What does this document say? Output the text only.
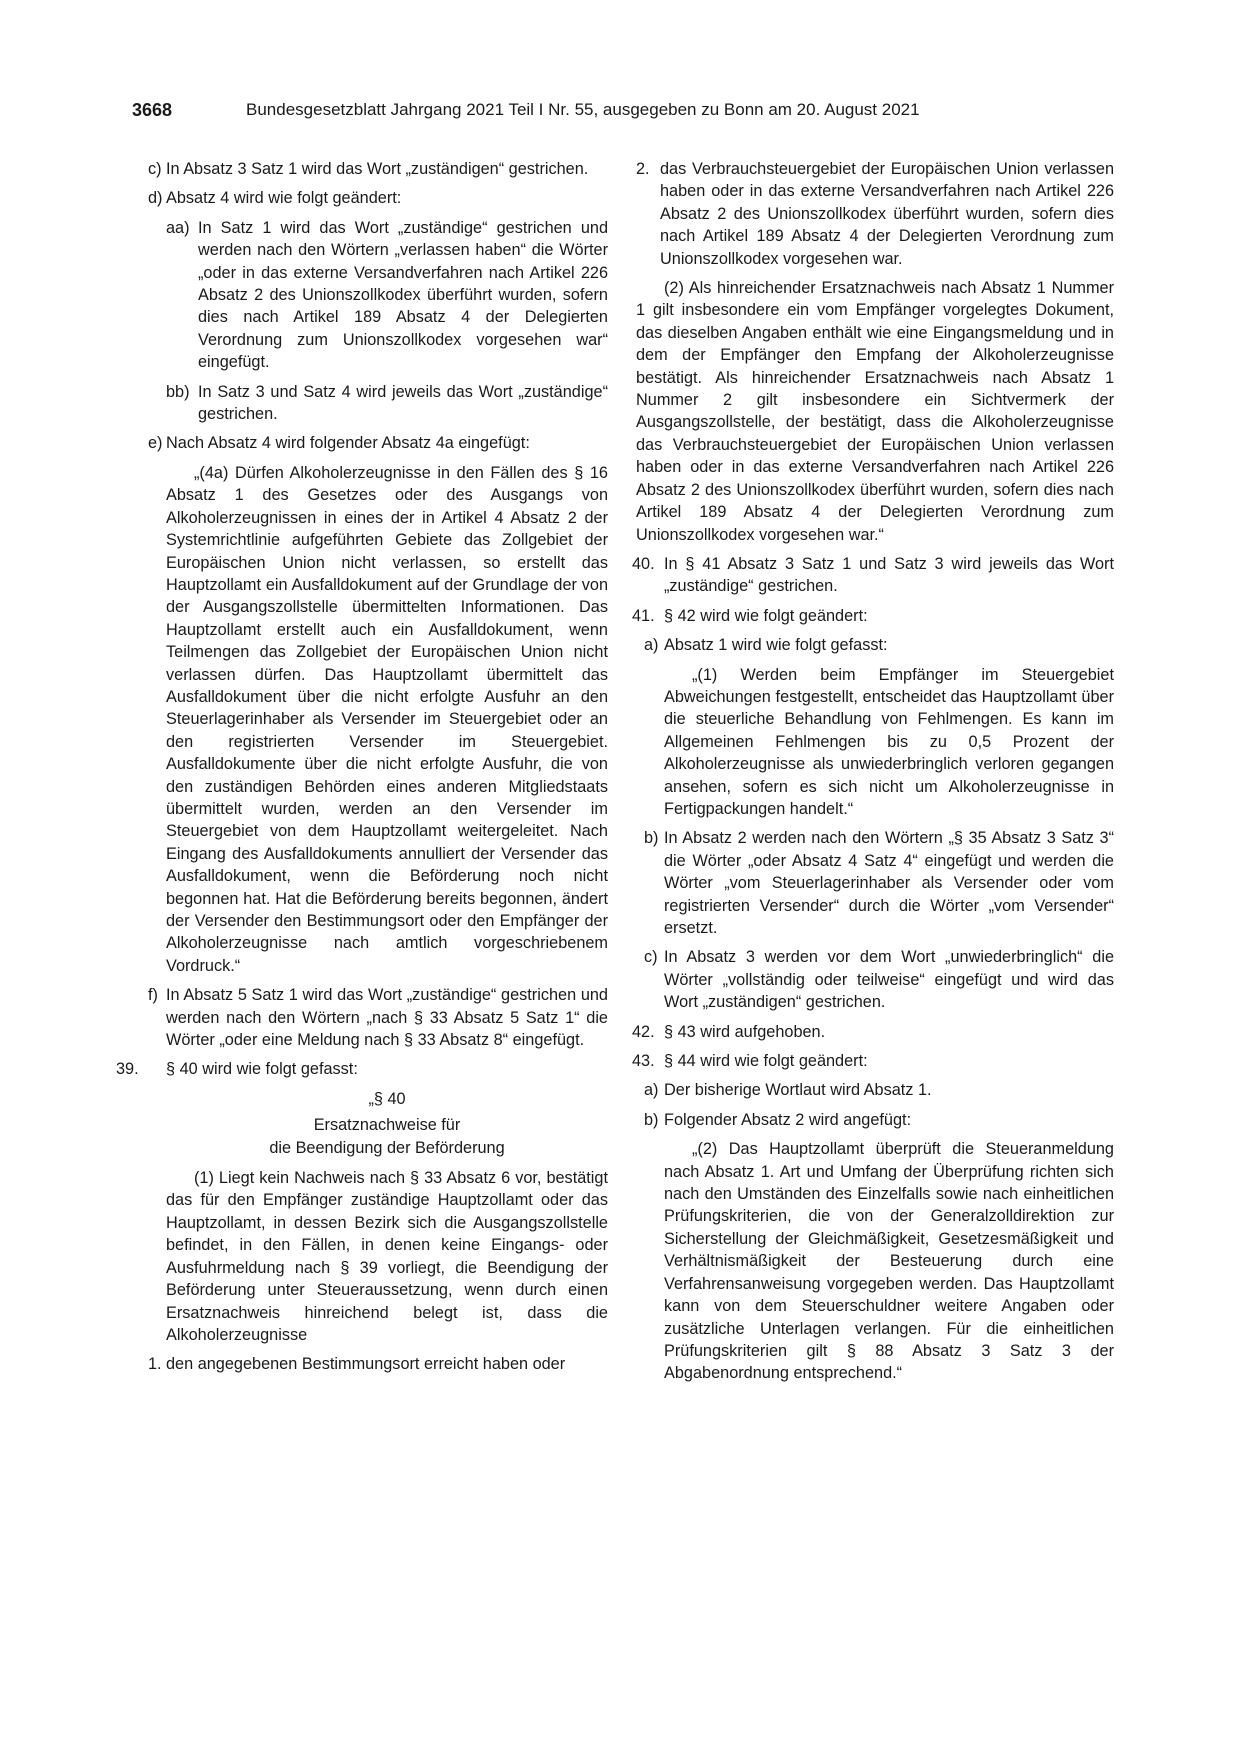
3668	Bundesgesetzblatt Jahrgang 2021 Teil I Nr. 55, ausgegeben zu Bonn am 20. August 2021
c) In Absatz 3 Satz 1 wird das Wort „zuständigen“ gestrichen.
d) Absatz 4 wird wie folgt geändert:
aa) In Satz 1 wird das Wort „zuständige“ gestrichen und werden nach den Wörtern „verlassen haben“ die Wörter „oder in das externe Versandverfahren nach Artikel 226 Absatz 2 des Unionszollkodex überführt wurden, sofern dies nach Artikel 189 Absatz 4 der Delegierten Verordnung zum Unionszollkodex vorgesehen war“ eingefügt.
bb) In Satz 3 und Satz 4 wird jeweils das Wort „zuständige“ gestrichen.
e) Nach Absatz 4 wird folgender Absatz 4a eingefügt:
„(4a) Dürfen Alkoholerzeugnisse in den Fällen des § 16 Absatz 1 des Gesetzes oder des Ausgangs von Alkoholerzeugnissen in eines der in Artikel 4 Absatz 2 der Systemrichtlinie aufgeführten Gebiete das Zollgebiet der Europäischen Union nicht verlassen, so erstellt das Hauptzollamt ein Ausfalldokument auf der Grundlage der von der Ausgangszollstelle übermittelten Informationen. Das Hauptzollamt erstellt auch ein Ausfalldokument, wenn Teilmengen das Zollgebiet der Europäischen Union nicht verlassen dürfen. Das Hauptzollamt übermittelt das Ausfalldokument über die nicht erfolgte Ausfuhr an den Steuerlagerinhaber als Versender im Steuergebiet oder an den registrierten Versender im Steuergebiet. Ausfalldokumente über die nicht erfolgte Ausfuhr, die von den zuständigen Behörden eines anderen Mitgliedstaats übermittelt wurden, werden an den Versender im Steuergebiet von dem Hauptzollamt weitergeleitet. Nach Eingang des Ausfalldokuments annulliert der Versender das Ausfalldokument, wenn die Beförderung noch nicht begonnen hat. Hat die Beförderung bereits begonnen, ändert der Versender den Bestimmungsort oder den Empfänger der Alkoholerzeugnisse nach amtlich vorgeschriebenem Vordruck.“
f) In Absatz 5 Satz 1 wird das Wort „zuständige“ gestrichen und werden nach den Wörtern „nach § 33 Absatz 5 Satz 1“ die Wörter „oder eine Meldung nach § 33 Absatz 8“ eingefügt.
39. § 40 wird wie folgt gefasst:
„§ 40
Ersatznachweise für
die Beendigung der Beförderung
(1) Liegt kein Nachweis nach § 33 Absatz 6 vor, bestätigt das für den Empfänger zuständige Hauptzollamt oder das Hauptzollamt, in dessen Bezirk sich die Ausgangszollstelle befindet, in den Fällen, in denen keine Eingangs- oder Ausfuhrmeldung nach § 39 vorliegt, die Beendigung der Beförderung unter Steueraussetzung, wenn durch einen Ersatznachweis hinreichend belegt ist, dass die Alkoholerzeugnisse
1. den angegebenen Bestimmungsort erreicht haben oder
2. das Verbrauchsteuergebiet der Europäischen Union verlassen haben oder in das externe Versandverfahren nach Artikel 226 Absatz 2 des Unionszollkodex überführt wurden, sofern dies nach Artikel 189 Absatz 4 der Delegierten Verordnung zum Unionszollkodex vorgesehen war.
(2) Als hinreichender Ersatznachweis nach Absatz 1 Nummer 1 gilt insbesondere ein vom Empfänger vorgelegtes Dokument, das dieselben Angaben enthält wie eine Eingangsmeldung und in dem der Empfänger den Empfang der Alkoholerzeugnisse bestätigt. Als hinreichender Ersatznachweis nach Absatz 1 Nummer 2 gilt insbesondere ein Sichtvermerk der Ausgangszollstelle, der bestätigt, dass die Alkoholerzeugnisse das Verbrauchsteuergebiet der Europäischen Union verlassen haben oder in das externe Versandverfahren nach Artikel 226 Absatz 2 des Unionszollkodex überführt wurden, sofern dies nach Artikel 189 Absatz 4 der Delegierten Verordnung zum Unionszollkodex vorgesehen war.“
40. In § 41 Absatz 3 Satz 1 und Satz 3 wird jeweils das Wort „zuständige“ gestrichen.
41. § 42 wird wie folgt geändert:
a) Absatz 1 wird wie folgt gefasst:
„(1) Werden beim Empfänger im Steuergebiet Abweichungen festgestellt, entscheidet das Hauptzollamt über die steuerliche Behandlung von Fehlmengen. Es kann im Allgemeinen Fehlmengen bis zu 0,5 Prozent der Alkoholerzeugnisse als unwiederbringlich verloren gegangen ansehen, sofern es sich nicht um Alkoholerzeugnisse in Fertigpackungen handelt.“
b) In Absatz 2 werden nach den Wörtern „§ 35 Absatz 3 Satz 3“ die Wörter „oder Absatz 4 Satz 4“ eingefügt und werden die Wörter „vom Steuerlagerinhaber als Versender oder vom registrierten Versender“ durch die Wörter „vom Versender“ ersetzt.
c) In Absatz 3 werden vor dem Wort „unwiederbringlich“ die Wörter „vollständig oder teilweise“ eingefügt und wird das Wort „zuständigen“ gestrichen.
42. § 43 wird aufgehoben.
43. § 44 wird wie folgt geändert:
a) Der bisherige Wortlaut wird Absatz 1.
b) Folgender Absatz 2 wird angefügt:
„(2) Das Hauptzollamt überprüft die Steueranmeldung nach Absatz 1. Art und Umfang der Überprüfung richten sich nach den Umständen des Einzelfalls sowie nach einheitlichen Prüfungskriterien, die von der Generalzolldirektion zur Sicherstellung der Gleichmäßigkeit, Gesetzesmäßigkeit und Verhältnismäßigkeit der Besteuerung durch eine Verfahrensanweisung vorgegeben werden. Das Hauptzollamt kann von dem Steuerschuldner weitere Angaben oder zusätzliche Unterlagen verlangen. Für die einheitlichen Prüfungskriterien gilt § 88 Absatz 3 Satz 3 der Abgabenordnung entsprechend.“
